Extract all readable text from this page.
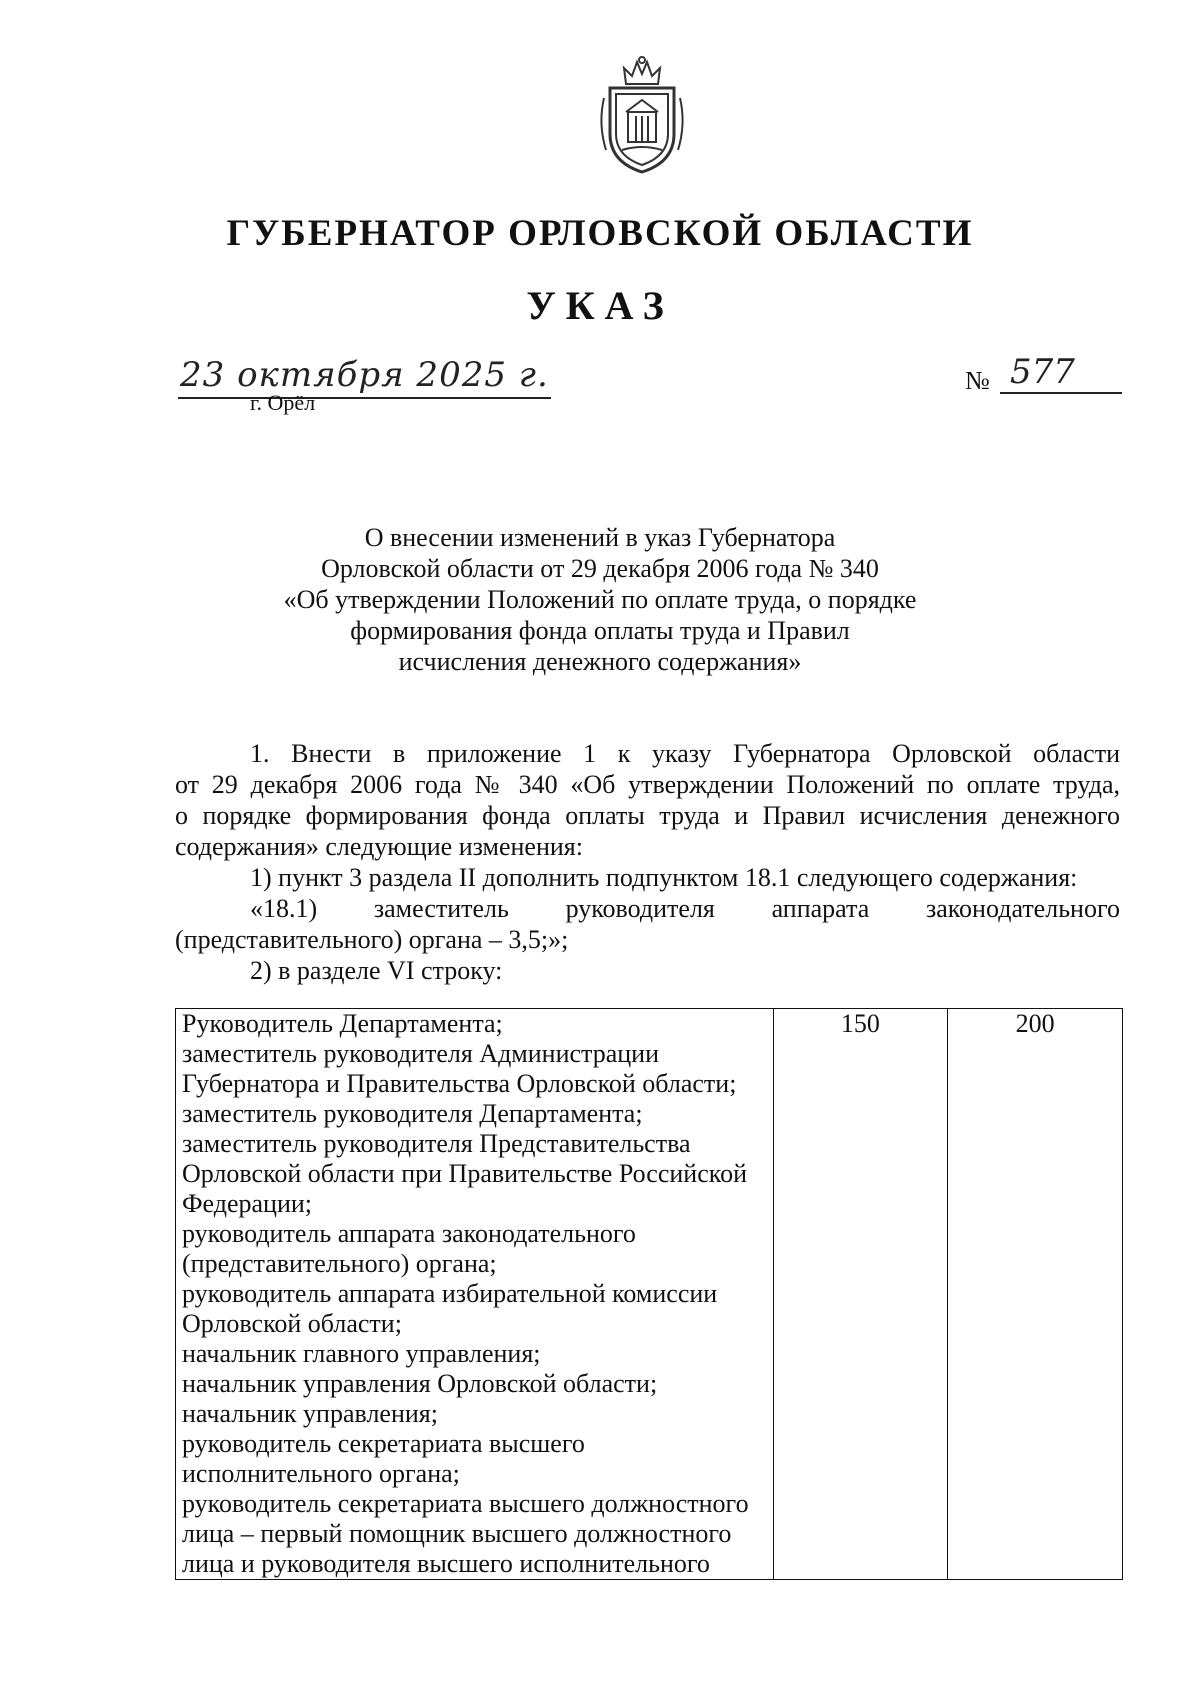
ГУБЕРНАТОР ОРЛОВСКОЙ ОБЛАСТИ
УКАЗ
23 октября 2025 г.
г. Орёл
№ 577
О внесении изменений в указ Губернатора
Орловской области от 29 декабря 2006 года № 340
«Об утверждении Положений по оплате труда, о порядке
формирования фонда оплаты труда и Правил
исчисления денежного содержания»
1. Внести в приложение 1 к указу Губернатора Орловской области
от 29 декабря 2006 года № 340 «Об утверждении Положений по оплате труда,
о порядке формирования фонда оплаты труда и Правил исчисления денежного
содержания» следующие изменения:
1) пункт 3 раздела II дополнить подпунктом 18.1 следующего содержания:
«18.1) заместитель руководителя аппарата законодательного
(представительного) органа – 3,5;»;
2) в разделе VI строку:
Руководитель Департамента;
заместитель руководителя Администрации
Губернатора и Правительства Орловской области;
заместитель руководителя Департамента;
заместитель руководителя Представительства
Орловской области при Правительстве Российской
Федерации;
руководитель аппарата законодательного
(представительного) органа;
руководитель аппарата избирательной комиссии
Орловской области;
начальник главного управления;
начальник управления Орловской области;
начальник управления;
руководитель секретариата высшего
исполнительного органа;
руководитель секретариата высшего должностного
лица – первый помощник высшего должностного
лица и руководителя высшего исполнительного
	150	200
